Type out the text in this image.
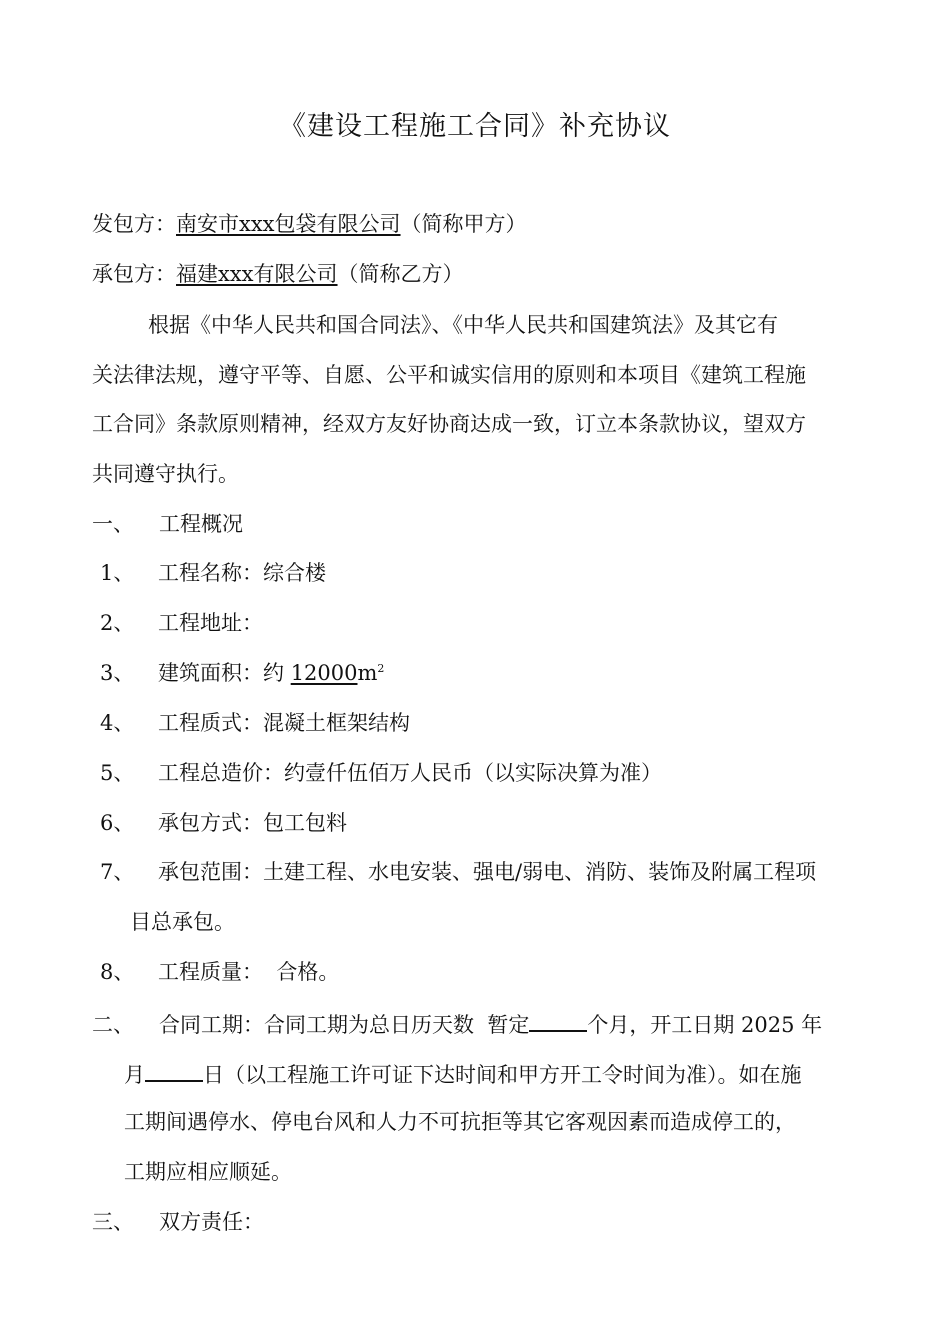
《建设工程施工合同》补充协议
发包方：南安市xxx包袋有限公司（简称甲方）
承包方：福建xxx有限公司（简称乙方）
根据《中华人民共和国合同法》、《中华人民共和国建筑法》及其它有
关法律法规，遵守平等、自愿、公平和诚实信用的原则和本项目《建筑工程施
工合同》条款原则精神，经双方友好协商达成一致，订立本条款协议，望双方
共同遵守执行。
一、 工程概况
1、 工程名称：综合楼
2、 工程地址：
3、 建筑面积：约 $12000m^2$
4、 工程质式：混凝土框架结构
5、 工程总造价：约壹仟伍佰万人民币（以实际决算为准）
6、 承包方式：包工包料
7、 承包范围：土建工程、水电安装、强电/弱电、消防、装饰及附属工程项
目总承包。
8、 工程质量：  合格。
二、 合同工期：合同工期为总日历天数  暂定	个月，开工日期 2025 年
月	日（以工程施工许可证下达时间和甲方开工令时间为准）。如在施
工期间遇停水、停电台风和人力不可抗拒等其它客观因素而造成停工的，
工期应相应顺延。
三、 双方责任：
